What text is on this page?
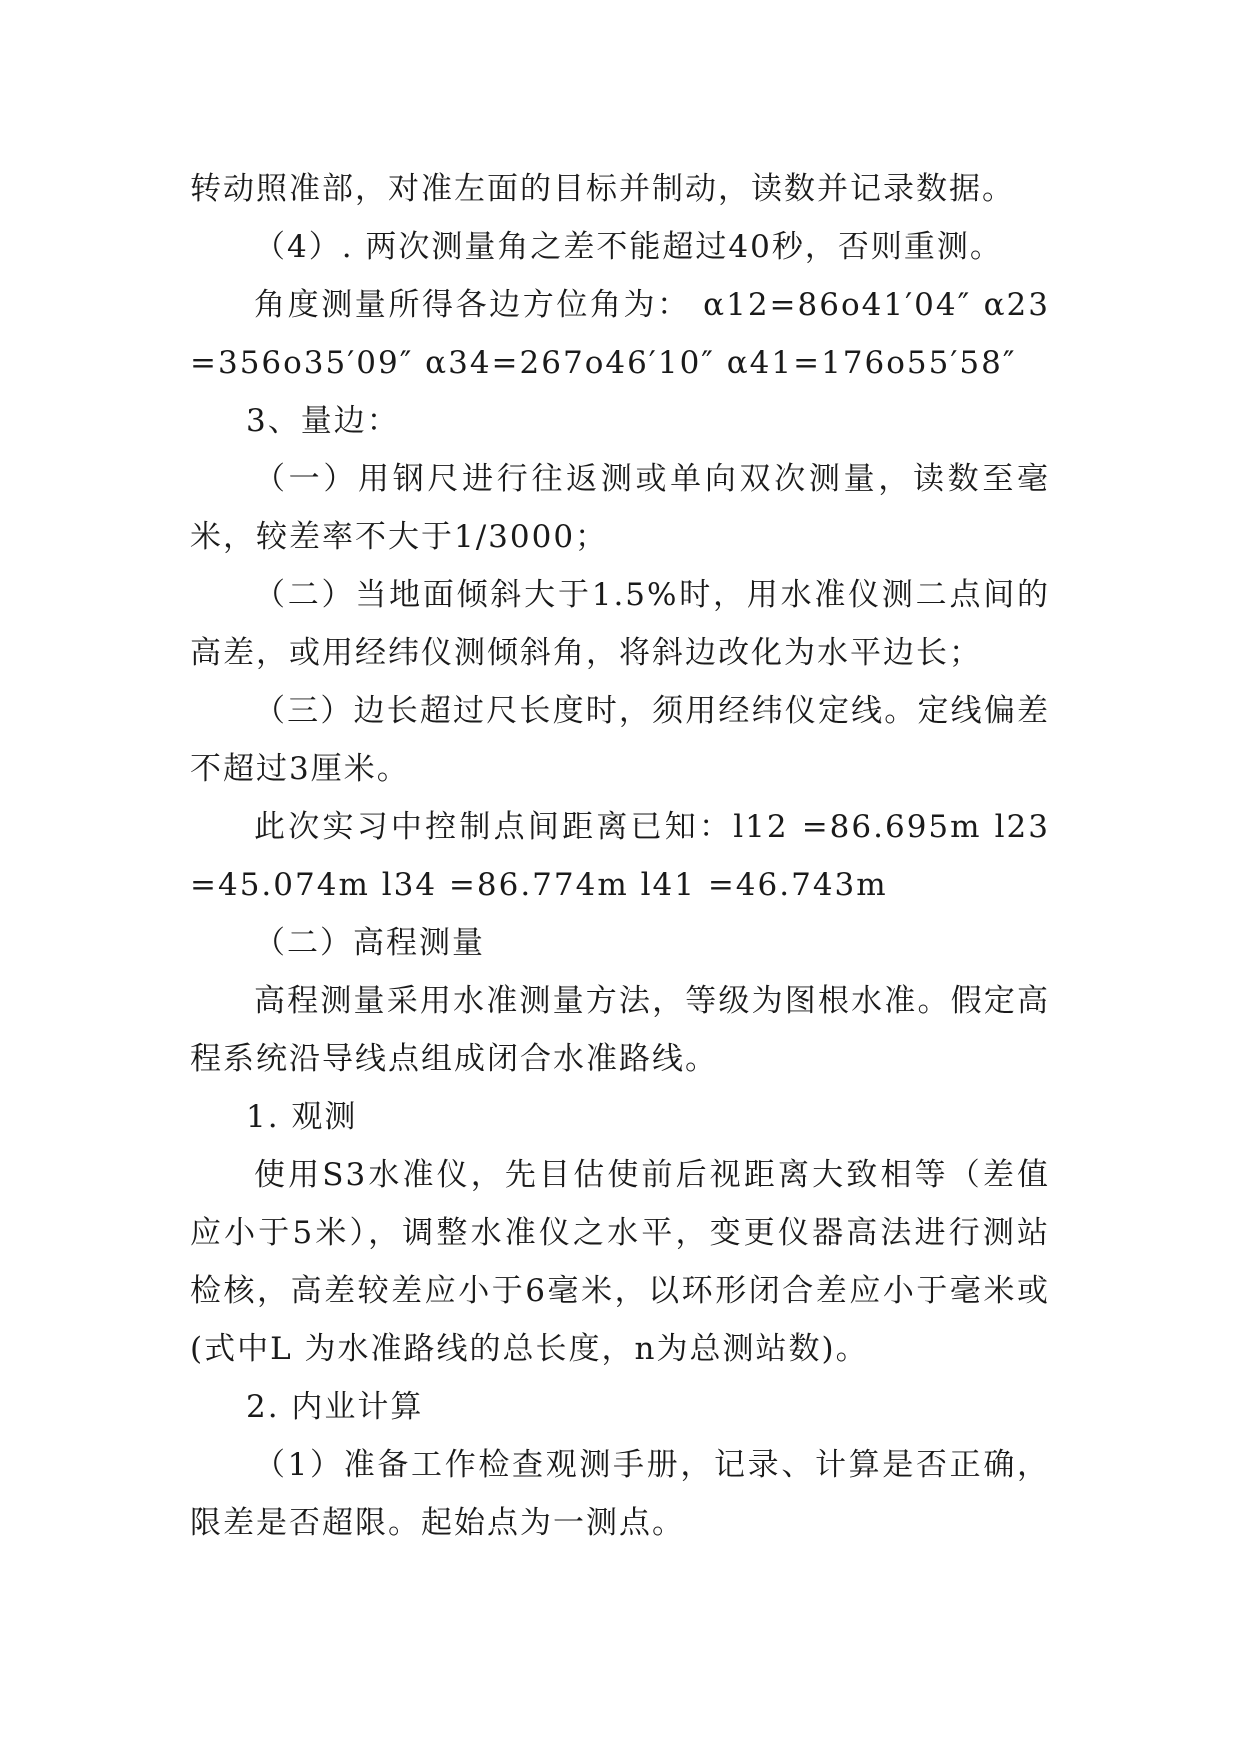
转动照准部，对准左面的目标并制动，读数并记录数据。

（4）. 两次测量角之差不能超过40秒，否则重测。

角度测量所得各边方位角为： α12=86o41′04″ α23=356o35′09″ α34=267o46′10″ α41=176o55′58″

3、量边：

（一）用钢尺进行往返测或单向双次测量，读数至毫米，较差率不大于1/3000；

（二）当地面倾斜大于1.5%时，用水准仪测二点间的高差，或用经纬仪测倾斜角，将斜边改化为水平边长；

（三）边长超过尺长度时，须用经纬仪定线。定线偏差不超过3厘米。

此次实习中控制点间距离已知：l12 =86.695m l23 =45.074m l34 =86.774m l41 =46.743m

（二）高程测量

高程测量采用水准测量方法，等级为图根水准。假定高程系统沿导线点组成闭合水准路线。

1. 观测

使用S3水准仪，先目估使前后视距离大致相等（差值应小于5米），调整水准仪之水平，变更仪器高法进行测站检核，高差较差应小于6毫米，以环形闭合差应小于毫米或(式中L 为水准路线的总长度，n为总测站数)。

2. 内业计算

（1）准备工作检查观测手册，记录、计算是否正确，限差是否超限。起始点为一测点。
